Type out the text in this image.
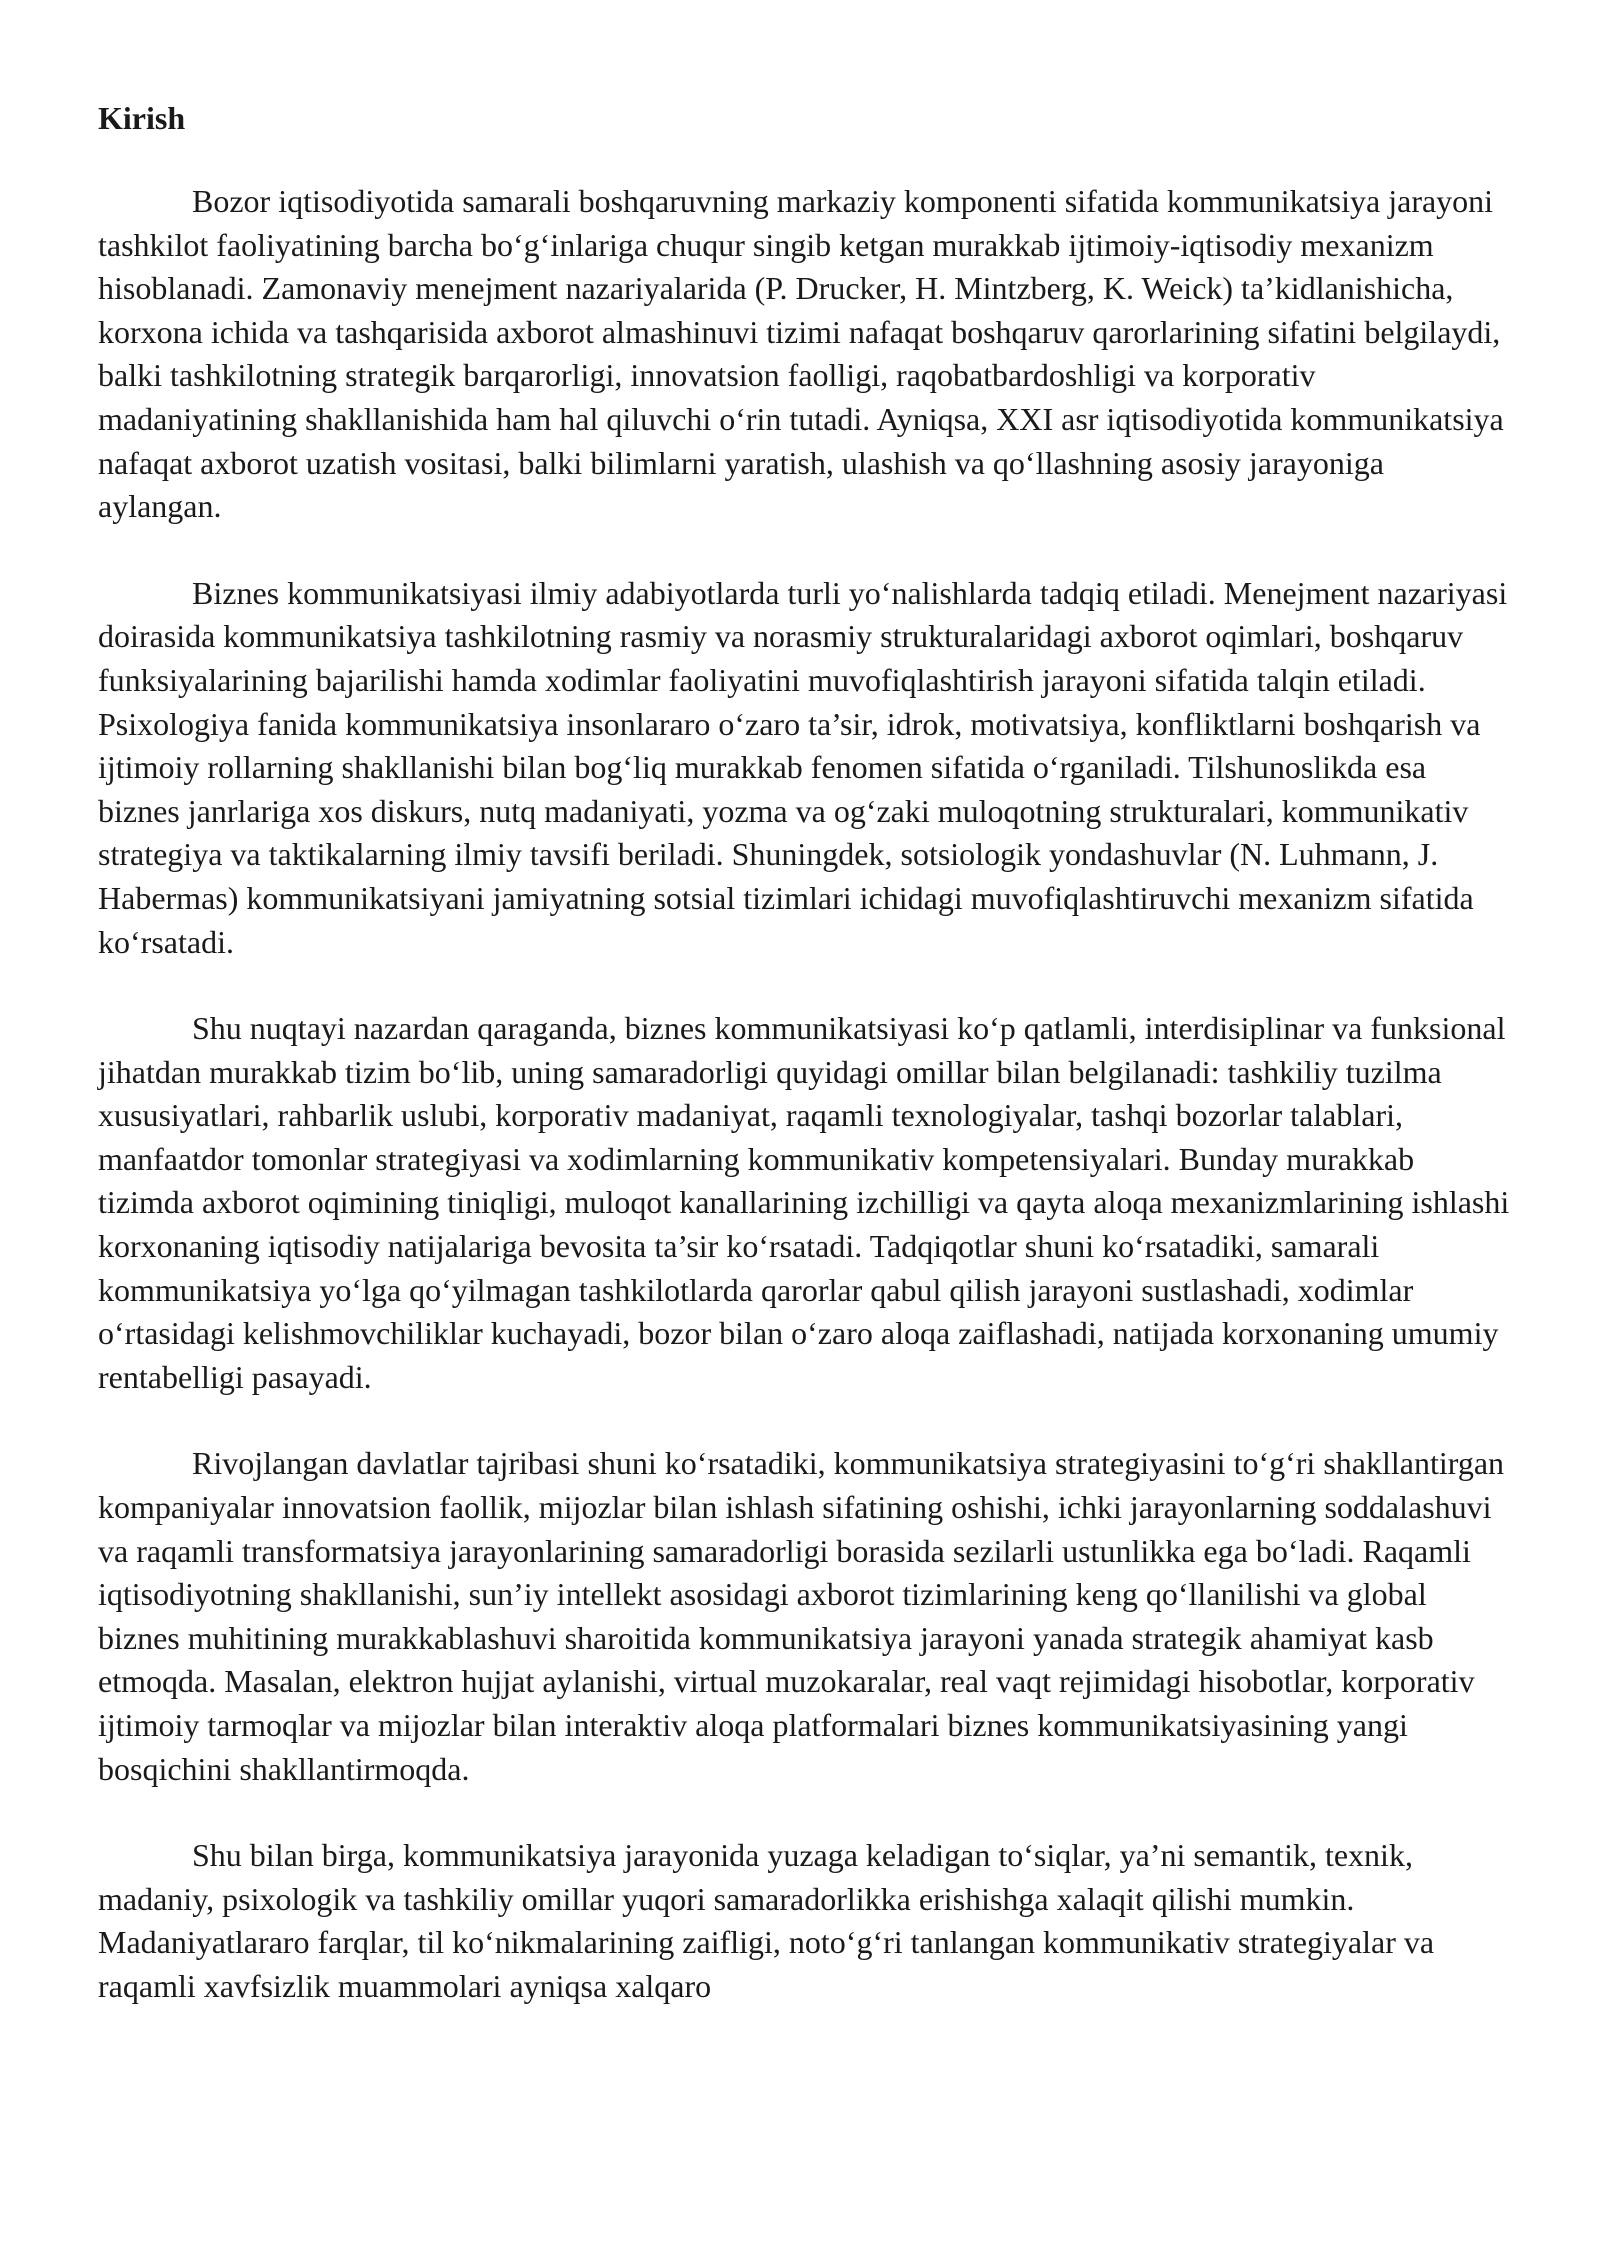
Kirish

Bozor iqtisodiyotida samarali boshqaruvning markaziy komponenti sifatida kommunikatsiya jarayoni tashkilot faoliyatining barcha bo‘g‘inlariga chuqur singib ketgan murakkab ijtimoiy-iqtisodiy mexanizm hisoblanadi. Zamonaviy menejment nazariyalarida (P. Drucker, H. Mintzberg, K. Weick) ta’kidlanishicha, korxona ichida va tashqarisida axborot almashinuvi tizimi nafaqat boshqaruv qarorlarining sifatini belgilaydi, balki tashkilotning strategik barqarorligi, innovatsion faolligi, raqobatbardoshligi va korporativ madaniyatining shakllanishida ham hal qiluvchi o‘rin tutadi. Ayniqsa, XXI asr iqtisodiyotida kommunikatsiya nafaqat axborot uzatish vositasi, balki bilimlarni yaratish, ulashish va qo‘llashning asosiy jarayoniga aylangan.

Biznes kommunikatsiyasi ilmiy adabiyotlarda turli yo‘nalishlarda tadqiq etiladi. Menejment nazariyasi doirasida kommunikatsiya tashkilotning rasmiy va norasmiy strukturalaridagi axborot oqimlari, boshqaruv funksiyalarining bajarilishi hamda xodimlar faoliyatini muvofiqlashtirish jarayoni sifatida talqin etiladi. Psixologiya fanida kommunikatsiya insonlararo o‘zaro ta’sir, idrok, motivatsiya, konfliktlarni boshqarish va ijtimoiy rollarning shakllanishi bilan bog‘liq murakkab fenomen sifatida o‘rganiladi. Tilshunoslikda esa biznes janrlariga xos diskurs, nutq madaniyati, yozma va og‘zaki muloqotning strukturalari, kommunikativ strategiya va taktikalarning ilmiy tavsifi beriladi. Shuningdek, sotsiologik yondashuvlar (N. Luhmann, J. Habermas) kommunikatsiyani jamiyatning sotsial tizimlari ichidagi muvofiqlashtiruvchi mexanizm sifatida ko‘rsatadi.

Shu nuqtayi nazardan qaraganda, biznes kommunikatsiyasi ko‘p qatlamli, interdisiplinar va funksional jihatdan murakkab tizim bo‘lib, uning samaradorligi quyidagi omillar bilan belgilanadi: tashkiliy tuzilma xususiyatlari, rahbarlik uslubi, korporativ madaniyat, raqamli texnologiyalar, tashqi bozorlar talablari, manfaatdor tomonlar strategiyasi va xodimlarning kommunikativ kompetensiyalari. Bunday murakkab tizimda axborot oqimining tiniqligi, muloqot kanallarining izchilligi va qayta aloqa mexanizmlarining ishlashi korxonaning iqtisodiy natijalariga bevosita ta’sir ko‘rsatadi. Tadqiqotlar shuni ko‘rsatadiki, samarali kommunikatsiya yo‘lga qo‘yilmagan tashkilotlarda qarorlar qabul qilish jarayoni sustlashadi, xodimlar o‘rtasidagi kelishmovchiliklar kuchayadi, bozor bilan o‘zaro aloqa zaiflashadi, natijada korxonaning umumiy rentabelligi pasayadi.

Rivojlangan davlatlar tajribasi shuni ko‘rsatadiki, kommunikatsiya strategiyasini to‘g‘ri shakllantirgan kompaniyalar innovatsion faollik, mijozlar bilan ishlash sifatining oshishi, ichki jarayonlarning soddalashuvi va raqamli transformatsiya jarayonlarining samaradorligi borasida sezilarli ustunlikka ega bo‘ladi. Raqamli iqtisodiyotning shakllanishi, sun’iy intellekt asosidagi axborot tizimlarining keng qo‘llanilishi va global biznes muhitining murakkablashuvi sharoitida kommunikatsiya jarayoni yanada strategik ahamiyat kasb etmoqda. Masalan, elektron hujjat aylanishi, virtual muzokaralar, real vaqt rejimidagi hisobotlar, korporativ ijtimoiy tarmoqlar va mijozlar bilan interaktiv aloqa platformalari biznes kommunikatsiyasining yangi bosqichini shakllantirmoqda.

Shu bilan birga, kommunikatsiya jarayonida yuzaga keladigan to‘siqlar, ya’ni semantik, texnik, madaniy, psixologik va tashkiliy omillar yuqori samaradorlikka erishishga xalaqit qilishi mumkin. Madaniyatlararo farqlar, til ko‘nikmalarining zaifligi, noto‘g‘ri tanlangan kommunikativ strategiyalar va raqamli xavfsizlik muammolari ayniqsa xalqaro
